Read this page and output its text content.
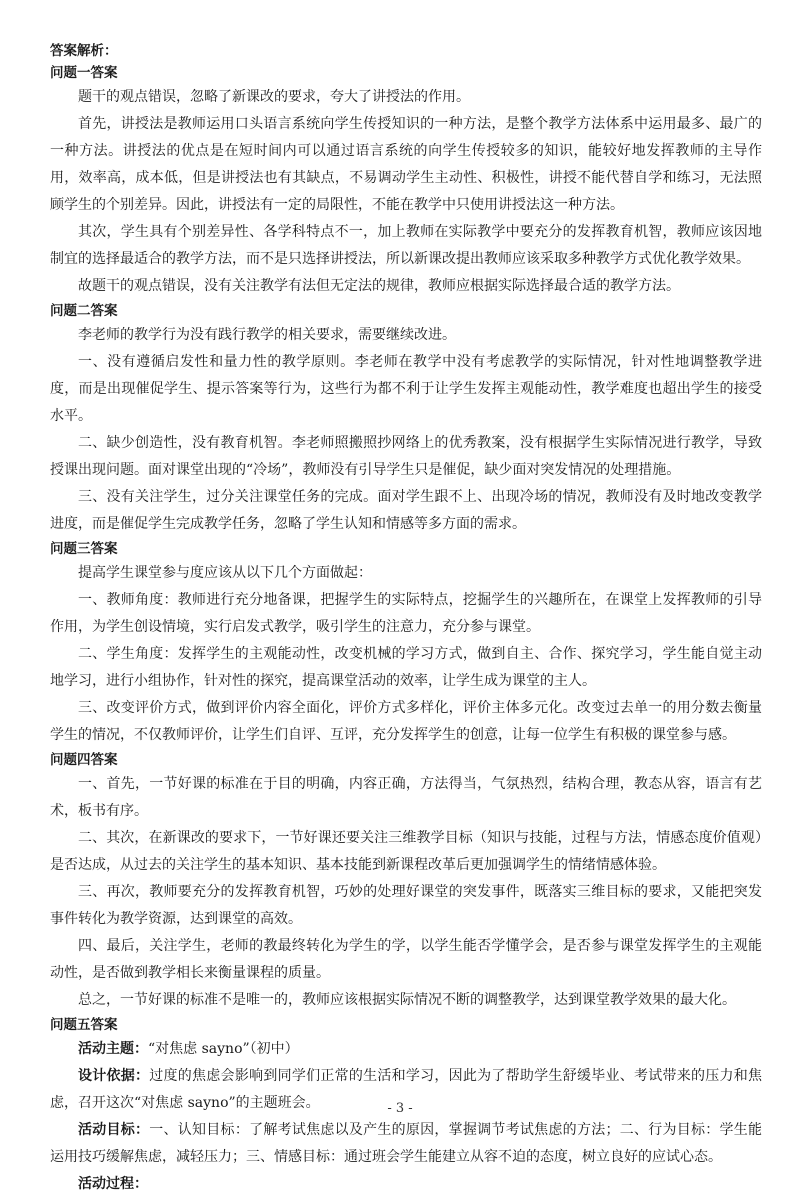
答案解析：
问题一答案

题干的观点错误，忽略了新课改的要求，夸大了讲授法的作用。

首先，讲授法是教师运用口头语言系统向学生传授知识的一种方法，是整个教学方法体系中运用最多、最广的一种方法。讲授法的优点是在短时间内可以通过语言系统的向学生传授较多的知识，能较好地发挥教师的主导作用，效率高，成本低，但是讲授法也有其缺点，不易调动学生主动性、积极性，讲授不能代替自学和练习，无法照顾学生的个别差异。因此，讲授法有一定的局限性，不能在教学中只使用讲授法这一种方法。

其次，学生具有个别差异性、各学科特点不一，加上教师在实际教学中要充分的发挥教育机智，教师应该因地制宜的选择最适合的教学方法，而不是只选择讲授法，所以新课改提出教师应该采取多种教学方式优化教学效果。

故题干的观点错误，没有关注教学有法但无定法的规律，教师应根据实际选择最合适的教学方法。

问题二答案

李老师的教学行为没有践行教学的相关要求，需要继续改进。

一、没有遵循启发性和量力性的教学原则。李老师在教学中没有考虑教学的实际情况，针对性地调整教学进度，而是出现催促学生、提示答案等行为，这些行为都不利于让学生发挥主观能动性，教学难度也超出学生的接受水平。

二、缺少创造性，没有教育机智。李老师照搬照抄网络上的优秀教案，没有根据学生实际情况进行教学，导致授课出现问题。面对课堂出现的“冷场”，教师没有引导学生只是催促，缺少面对突发情况的处理措施。

三、没有关注学生，过分关注课堂任务的完成。面对学生跟不上、出现冷场的情况，教师没有及时地改变教学进度，而是催促学生完成教学任务，忽略了学生认知和情感等多方面的需求。

问题三答案

提高学生课堂参与度应该从以下几个方面做起：

一、教师角度：教师进行充分地备课，把握学生的实际特点，挖掘学生的兴趣所在，在课堂上发挥教师的引导作用，为学生创设情境，实行启发式教学，吸引学生的注意力，充分参与课堂。

二、学生角度：发挥学生的主观能动性，改变机械的学习方式，做到自主、合作、探究学习，学生能自觉主动地学习，进行小组协作，针对性的探究，提高课堂活动的效率，让学生成为课堂的主人。

三、改变评价方式，做到评价内容全面化，评价方式多样化，评价主体多元化。改变过去单一的用分数去衡量学生的情况，不仅教师评价，让学生们自评、互评，充分发挥学生的创意，让每一位学生有积极的课堂参与感。

问题四答案

一、首先，一节好课的标准在于目的明确，内容正确，方法得当，气氛热烈，结构合理，教态从容，语言有艺术，板书有序。

二、其次，在新课改的要求下，一节好课还要关注三维教学目标（知识与技能，过程与方法，情感态度价值观）是否达成，从过去的关注学生的基本知识、基本技能到新课程改革后更加强调学生的情绪情感体验。

三、再次，教师要充分的发挥教育机智，巧妙的处理好课堂的突发事件，既落实三维目标的要求，又能把突发事件转化为教学资源，达到课堂的高效。

四、最后，关注学生，老师的教最终转化为学生的学，以学生能否学懂学会，是否参与课堂发挥学生的主观能动性，是否做到教学相长来衡量课程的质量。

总之，一节好课的标准不是唯一的，教师应该根据实际情况不断的调整教学，达到课堂教学效果的最大化。

问题五答案

活动主题：“对焦虑 sayno”（初中）

设计依据：过度的焦虑会影响到同学们正常的生活和学习，因此为了帮助学生舒缓毕业、考试带来的压力和焦虑，召开这次“对焦虑 sayno”的主题班会。

活动目标：一、认知目标：了解考试焦虑以及产生的原因，掌握调节考试焦虑的方法；二、行为目标：学生能运用技巧缓解焦虑，减轻压力；三、情感目标：通过班会学生能建立从容不迫的态度，树立良好的应试心态。

活动过程：

- 3 -
